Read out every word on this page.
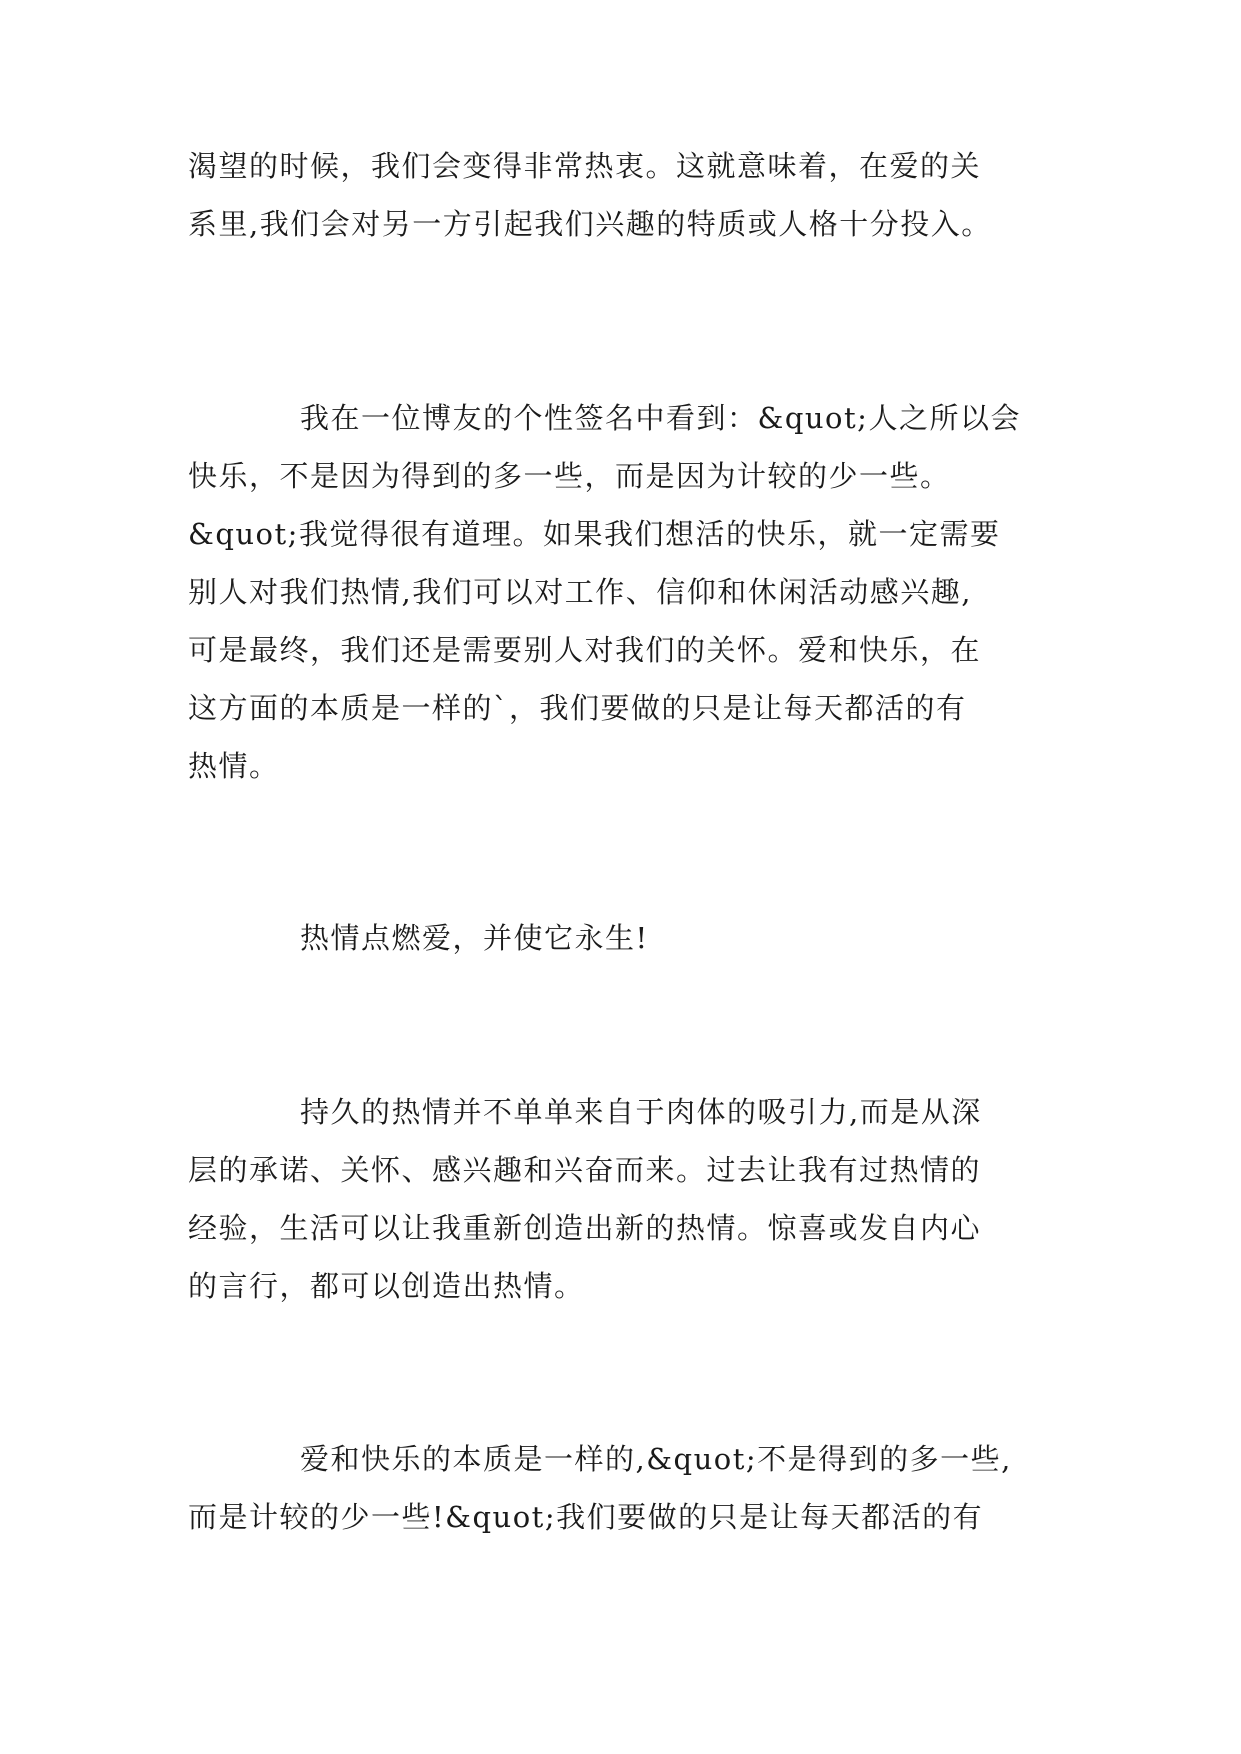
渴望的时候，我们会变得非常热衷。这就意味着，在爱的关
系里,我们会对另一方引起我们兴趣的特质或人格十分投入。
我在一位博友的个性签名中看到：&quot;人之所以会
快乐，不是因为得到的多一些，而是因为计较的少一些。
&quot;我觉得很有道理。如果我们想活的快乐，就一定需要
别人对我们热情,我们可以对工作、信仰和休闲活动感兴趣,
可是最终，我们还是需要别人对我们的关怀。爱和快乐，在
这方面的本质是一样的`，我们要做的只是让每天都活的有
热情。
热情点燃爱，并使它永生!
持久的热情并不单单来自于肉体的吸引力,而是从深
层的承诺、关怀、感兴趣和兴奋而来。过去让我有过热情的
经验，生活可以让我重新创造出新的热情。惊喜或发自内心
的言行，都可以创造出热情。
爱和快乐的本质是一样的,&quot;不是得到的多一些,
而是计较的少一些!&quot;我们要做的只是让每天都活的有
